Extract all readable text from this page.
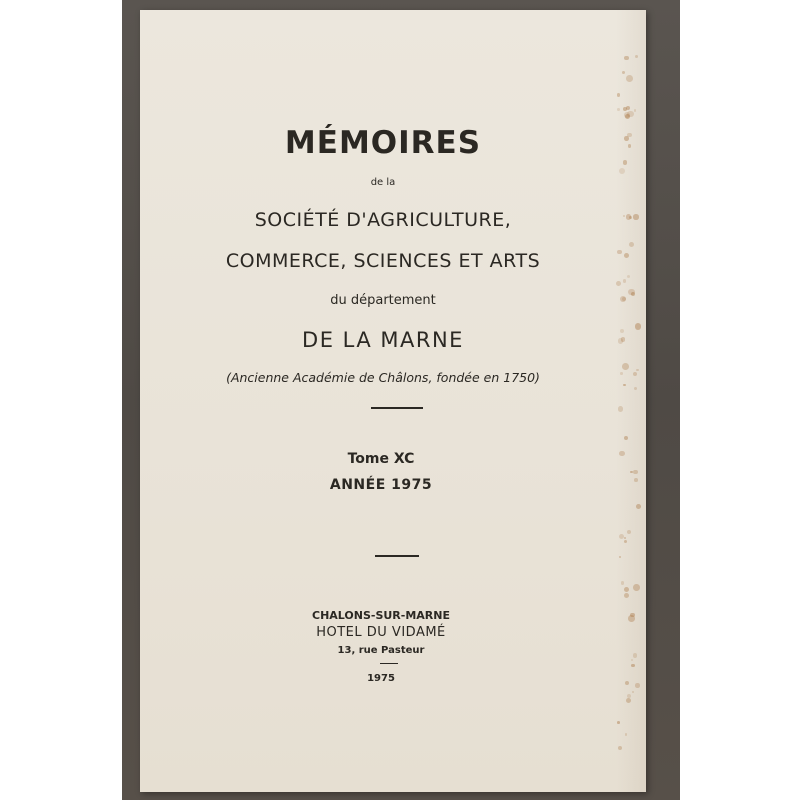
MÉMOIRES
de la
SOCIÉTÉ D'AGRICULTURE,
COMMERCE, SCIENCES ET ARTS
du département
DE LA MARNE
(Ancienne Académie de Châlons, fondée en 1750)
Tome XC
ANNÉE 1975
CHALONS-SUR-MARNE
HOTEL DU VIDAMÉ
13, rue Pasteur
1975
